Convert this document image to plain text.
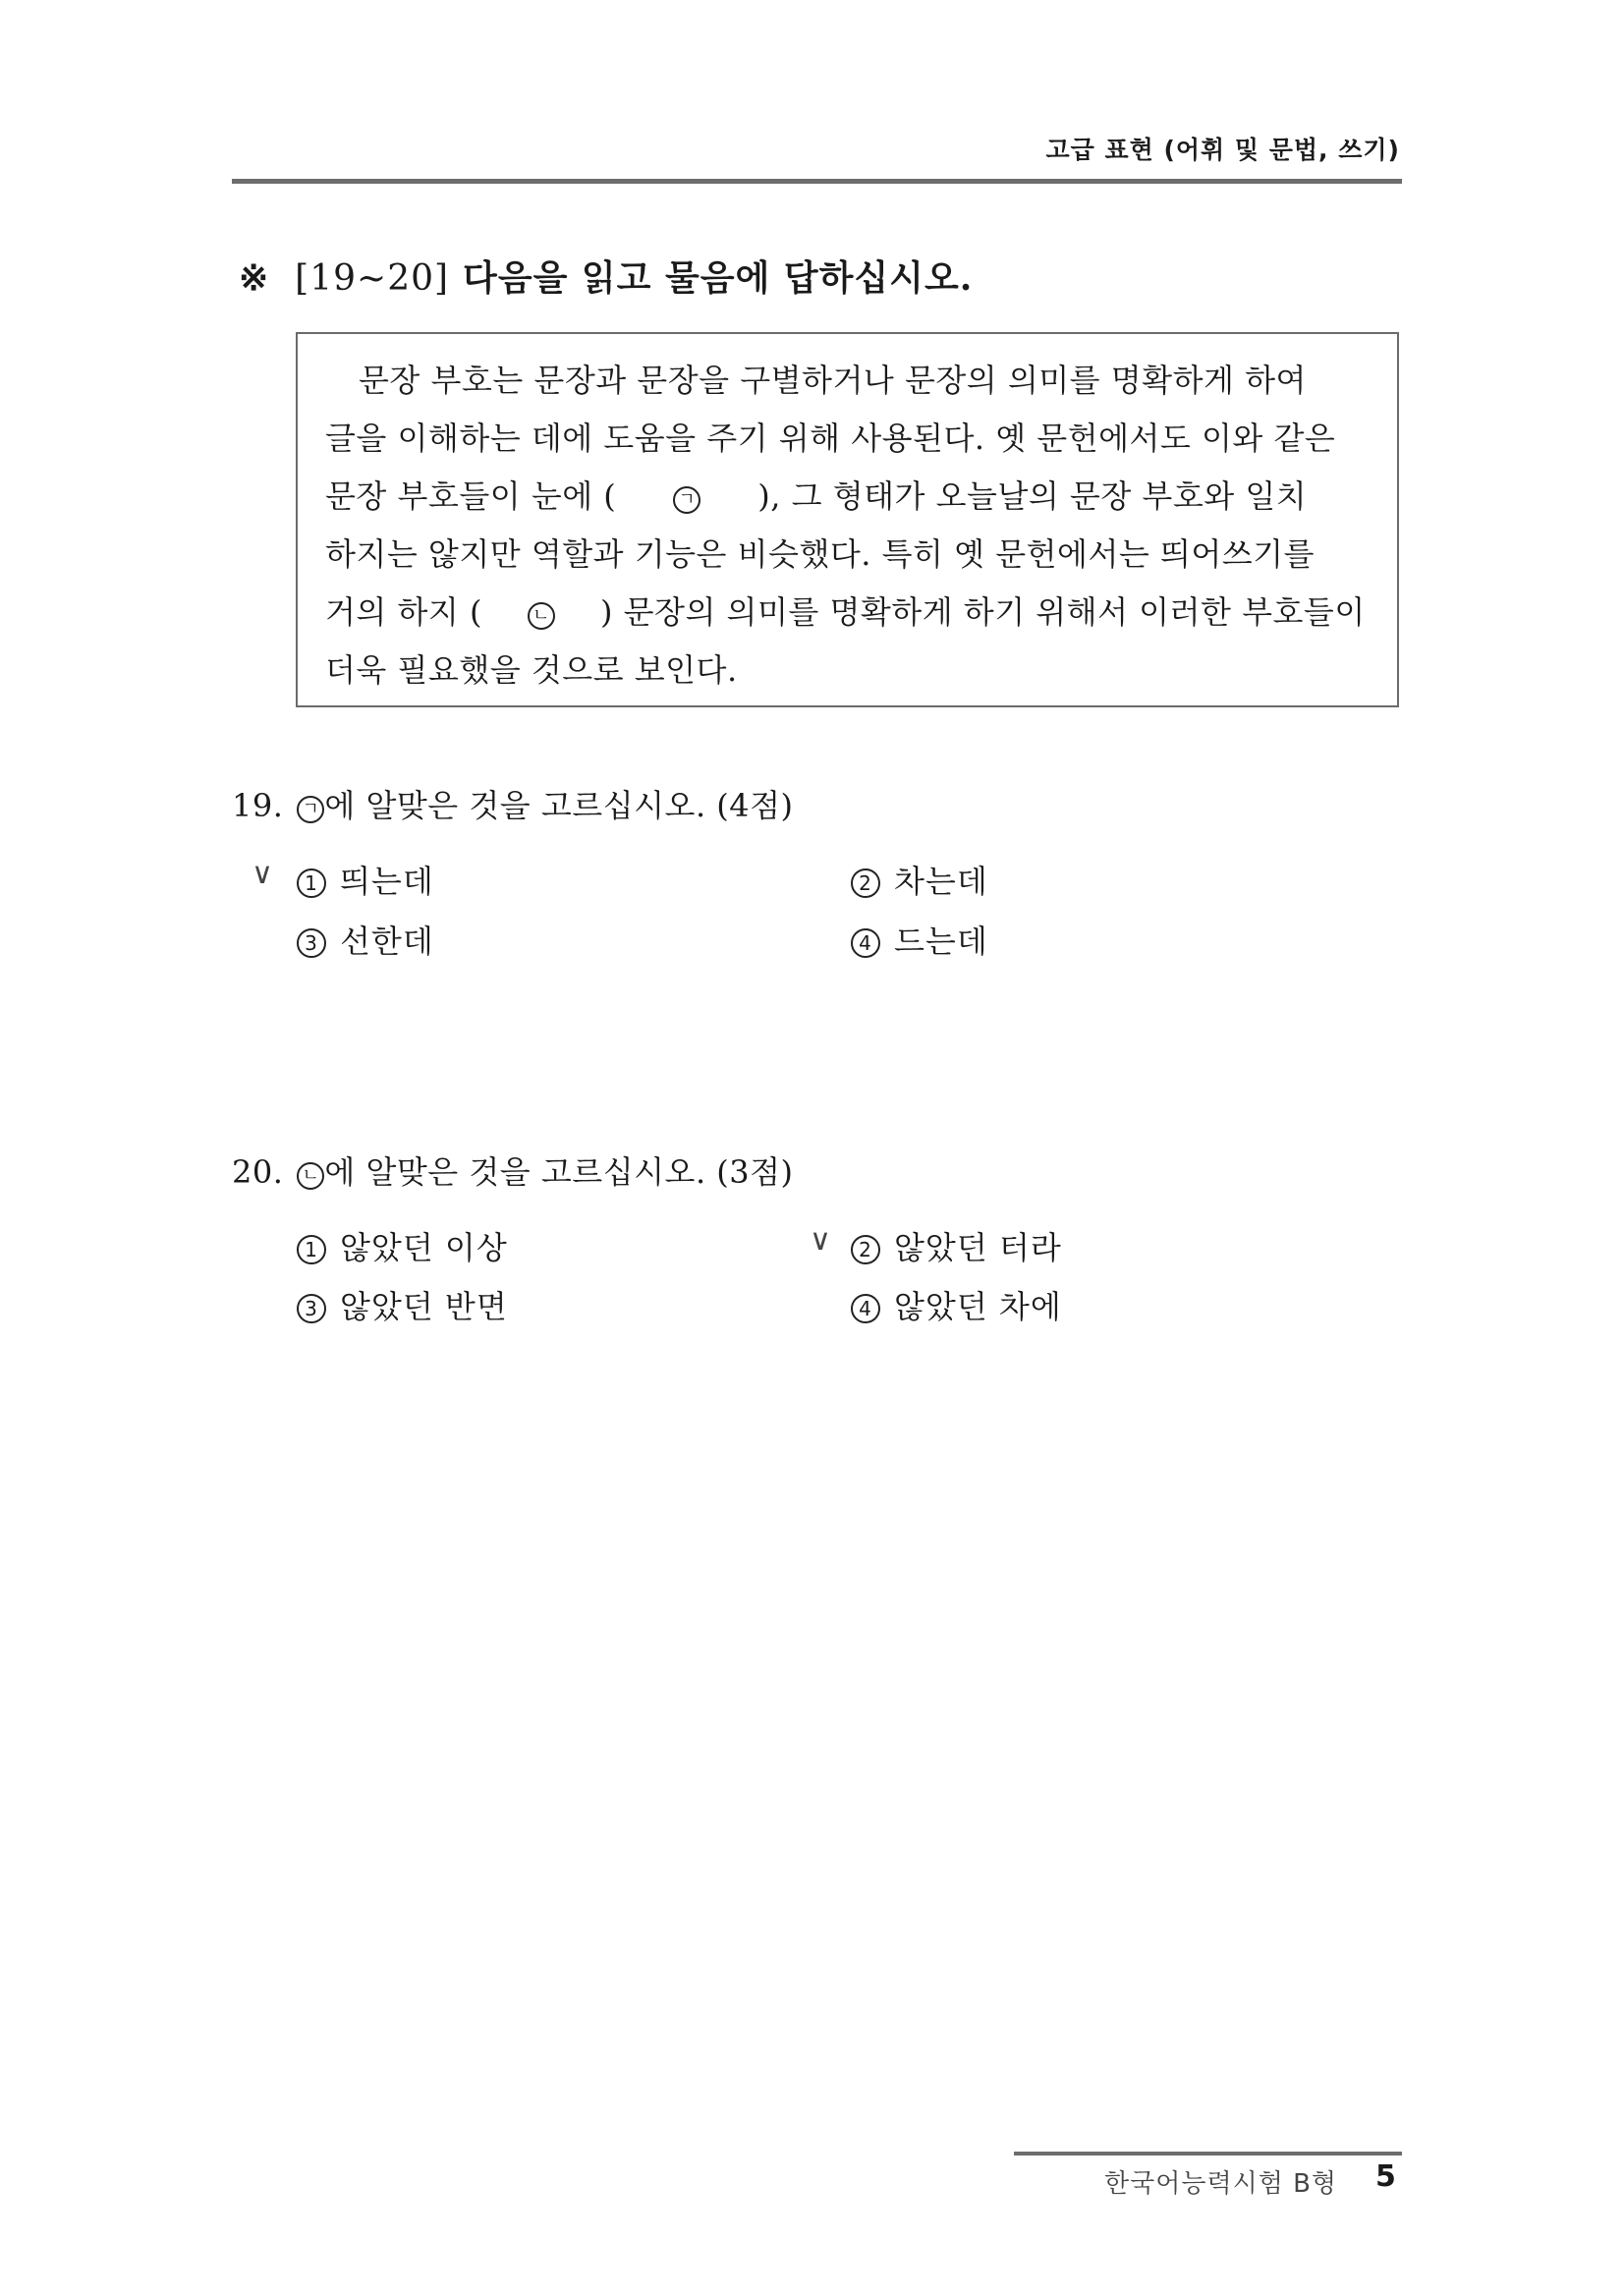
고급 표현 (어휘 및 문법, 쓰기)
※ [19~20] 다음을 읽고 물음에 답하십시오.
문장 부호는 문장과 문장을 구별하거나 문장의 의미를 명확하게 하여
글을 이해하는 데에 도움을 주기 위해 사용된다. 옛 문헌에서도 이와 같은
문장 부호들이 눈에 (	ㄱ ), 그 형태가 오늘날의 문장 부호와 일치
하지는 않지만 역할과 기능은 비슷했다. 특히 옛 문헌에서는 띄어쓰기를
거의 하지 (	ㄴ ) 문장의 의미를 명확하게 하기 위해서 이러한 부호들이
더욱 필요했을 것으로 보인다.
19. ㄱ 에 알맞은 것을 고르십시오. (4점)
∨	1 띄는데	2 차는데
3 선한데	4 드는데
20. ㄴ 에 알맞은 것을 고르십시오. (3점)
1 않았던 이상	∨	2 않았던 터라
3 않았던 반면	4 않았던 차에
한국어능력시험 B형 5
